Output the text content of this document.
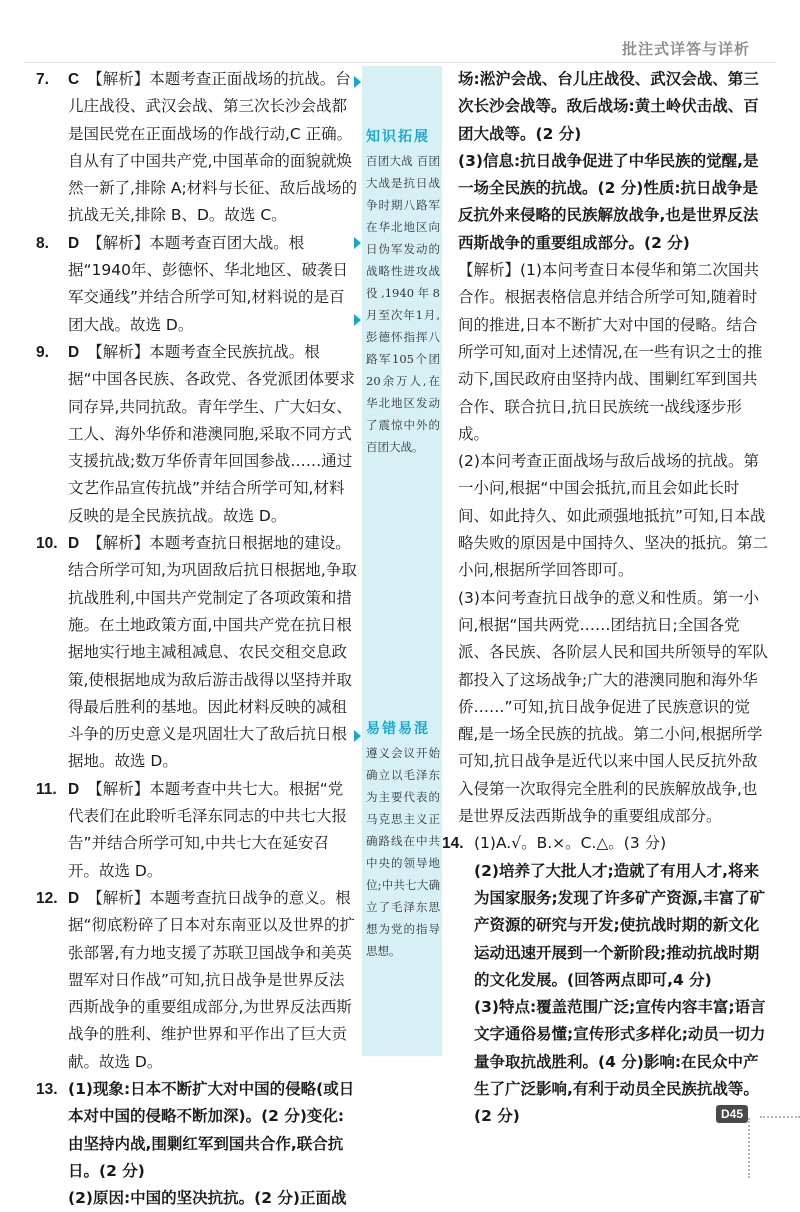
批注式详答与详析
7. C 【解析】本题考查正面战场的抗战。台儿庄战役、武汉会战、第三次长沙会战都是国民党在正面战场的作战行动,C 正确。自从有了中国共产党,中国革命的面貌就焕然一新了,排除 A;材料与长征、敌后战场的抗战无关,排除 B、D。故选 C。
8. D 【解析】本题考查百团大战。根据“1940年、彭德怀、华北地区、破袭日军交通线”并结合所学可知,材料说的是百团大战。故选 D。
9. D 【解析】本题考查全民族抗战。根据“中国各民族、各政党、各党派团体要求同存异,共同抗敌。青年学生、广大妇女、工人、海外华侨和港澳同胞,采取不同方式支援抗战;数万华侨青年回国参战……通过文艺作品宣传抗战”并结合所学可知,材料反映的是全民族抗战。故选 D。
10. D 【解析】本题考查抗日根据地的建设。结合所学可知,为巩固敌后抗日根据地,争取抗战胜利,中国共产党制定了各项政策和措施。在土地政策方面,中国共产党在抗日根据地实行地主减租减息、农民交租交息政策,使根据地成为敌后游击战得以坚持并取得最后胜利的基地。因此材料反映的减租斗争的历史意义是巩固壮大了敌后抗日根据地。故选 D。
11. D 【解析】本题考查中共七大。根据“党代表们在此聆听毛泽东同志的中共七大报告”并结合所学可知,中共七大在延安召开。故选 D。
12. D 【解析】本题考查抗日战争的意义。根据“彻底粉碎了日本对东南亚以及世界的扩张部署,有力地支援了苏联卫国战争和美英盟军对日作战”可知,抗日战争是世界反法西斯战争的重要组成部分,为世界反法西斯战争的胜利、维护世界和平作出了巨大贡献。故选 D。
13. (1)现象:日本不断扩大对中国的侵略(或日本对中国的侵略不断加深)。(2 分)变化:由坚持内战,围剿红军到国共合作,联合抗日。(2 分)

(2)原因:中国的坚决抗抗。(2 分)正面战

知识拓展
百团大战 百团大战是抗日战争时期八路军在华北地区向日伪军发动的战略性进攻战役,1940年8月至次年1月,彭德怀指挥八路军105个团20余万人,在华北地区发动了震惊中外的百团大战。
易错易混
遵义会议开始确立以毛泽东为主要代表的马克思主义正确路线在中共中央的领导地位;中共七大确立了毛泽东思想为党的指导思想。

场:淞沪会战、台儿庄战役、武汉会战、第三次长沙会战等。敌后战场:黄土岭伏击战、百团大战等。(2 分)

(3)信息:抗日战争促进了中华民族的觉醒,是一场全民族的抗战。(2 分)性质:抗日战争是反抗外来侵略的民族解放战争,也是世界反法西斯战争的重要组成部分。(2 分)

【解析】(1)本问考查日本侵华和第二次国共合作。根据表格信息并结合所学可知,随着时间的推进,日本不断扩大对中国的侵略。结合所学可知,面对上述情况,在一些有识之士的推动下,国民政府由坚持内战、围剿红军到国共合作、联合抗日,抗日民族统一战线逐步形成。

(2)本问考查正面战场与敌后战场的抗战。第一小问,根据“中国会抵抗,而且会如此长时间、如此持久、如此顽强地抵抗”可知,日本战略失败的原因是中国持久、坚决的抵抗。第二小问,根据所学回答即可。

(3)本问考查抗日战争的意义和性质。第一小问,根据“国共两党……团结抗日;全国各党派、各民族、各阶层人民和国共所领导的军队都投入了这场战争;广大的港澳同胞和海外华侨……”可知,抗日战争促进了民族意识的觉醒,是一场全民族的抗战。第二小问,根据所学可知,抗日战争是近代以来中国人民反抗外敌入侵第一次取得完全胜利的民族解放战争,也是世界反法西斯战争的重要组成部分。

14. (1)A.√。B.×。C.△。(3 分)

(2)培养了大批人才;造就了有用人才,将来为国家服务;发现了许多矿产资源,丰富了矿产资源的研究与开发;使抗战时期的新文化运动迅速开展到一个新阶段;推动抗战时期的文化发展。(回答两点即可,4 分)

(3)特点:覆盖范围广泛;宣传内容丰富;语言文字通俗易懂;宣传形式多样化;动员一切力量争取抗战胜利。(4 分)影响:在民众中产生了广泛影响,有利于动员全民族抗战等。(2 分)	D45
